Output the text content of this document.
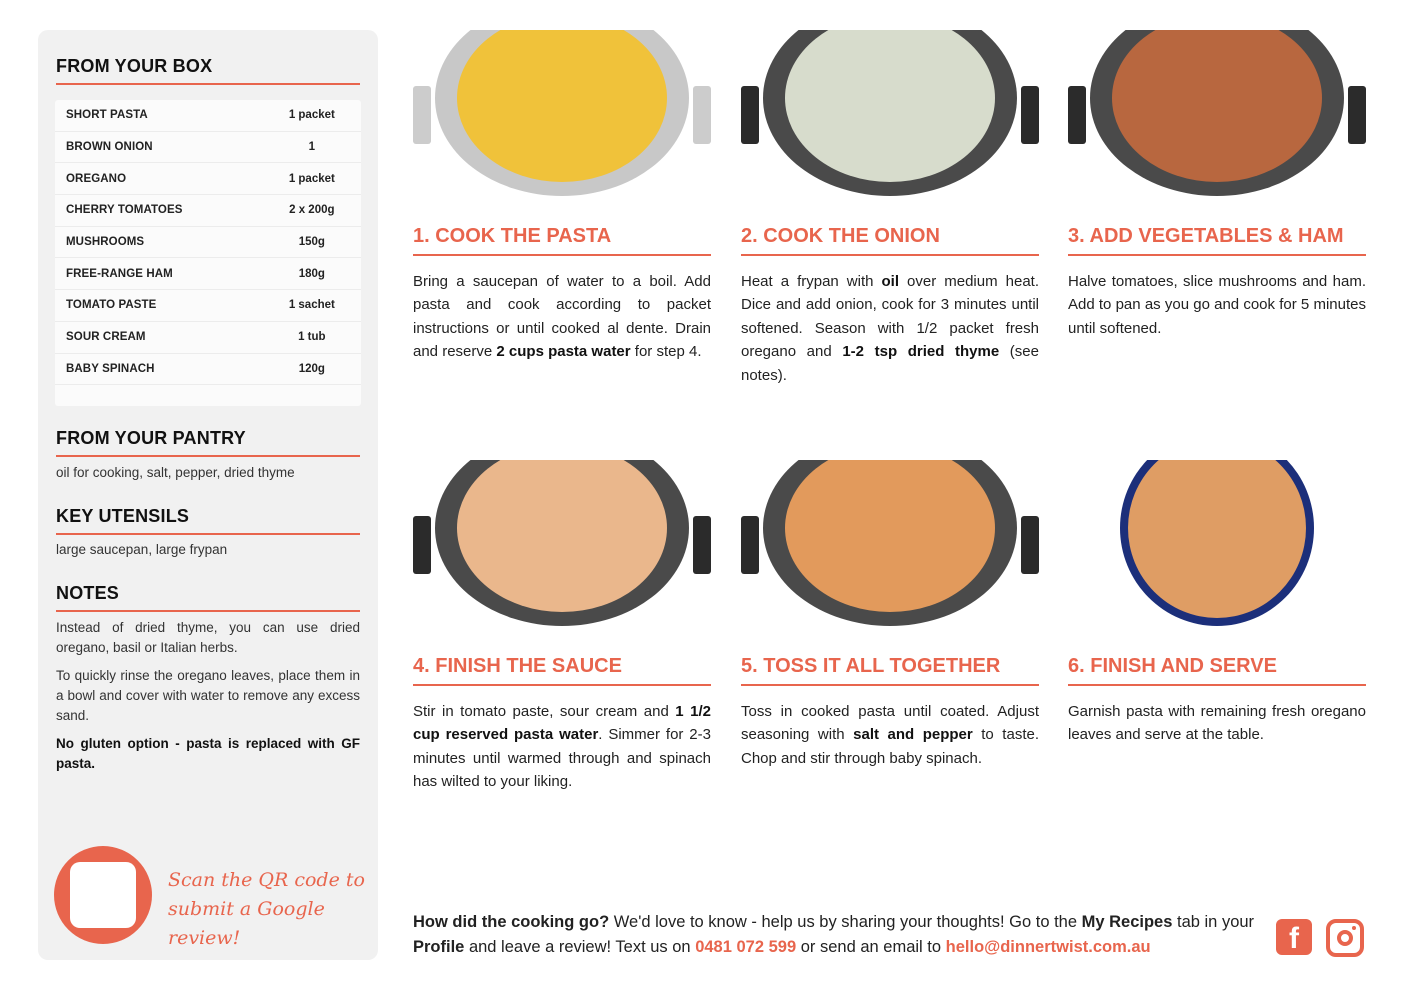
FROM YOUR BOX
SHORT PASTA	1 packet
BROWN ONION	1
OREGANO	1 packet
CHERRY TOMATOES	2 x 200g
MUSHROOMS	150g
FREE-RANGE HAM	180g
TOMATO PASTE	1 sachet
SOUR CREAM	1 tub
BABY SPINACH	120g
FROM YOUR PANTRY
oil for cooking, salt, pepper, dried thyme
KEY UTENSILS
large saucepan, large frypan
NOTES

Instead of dried thyme, you can use dried oregano, basil or Italian herbs.

To quickly rinse the oregano leaves, place them in a bowl and cover with water to remove any excess sand.

No gluten option - pasta is replaced with GF pasta.

Scan the QR code to submit a Google review!
1. COOK THE PASTA
Bring a saucepan of water to a boil. Add pasta and cook according to packet instructions or until cooked al dente. Drain and reserve 2 cups pasta water for step 4.
2. COOK THE ONION
Heat a frypan with oil over medium heat. Dice and add onion, cook for 3 minutes until softened. Season with 1/2 packet fresh oregano and 1-2 tsp dried thyme (see notes).
3. ADD VEGETABLES & HAM
Halve tomatoes, slice mushrooms and ham. Add to pan as you go and cook for 5 minutes until softened.
4. FINISH THE SAUCE
Stir in tomato paste, sour cream and 1 1/2 cup reserved pasta water. Simmer for 2-3 minutes until warmed through and spinach has wilted to your liking.
5. TOSS IT ALL TOGETHER
Toss in cooked pasta until coated. Adjust seasoning with salt and pepper to taste. Chop and stir through baby spinach.
6. FINISH AND SERVE
Garnish pasta with remaining fresh oregano leaves and serve at the table.
How did the cooking go? We'd love to know - help us by sharing your thoughts! Go to the My Recipes tab in your Profile and leave a review! Text us on 0481 072 599 or send an email to hello@dinnertwist.com.au	f
